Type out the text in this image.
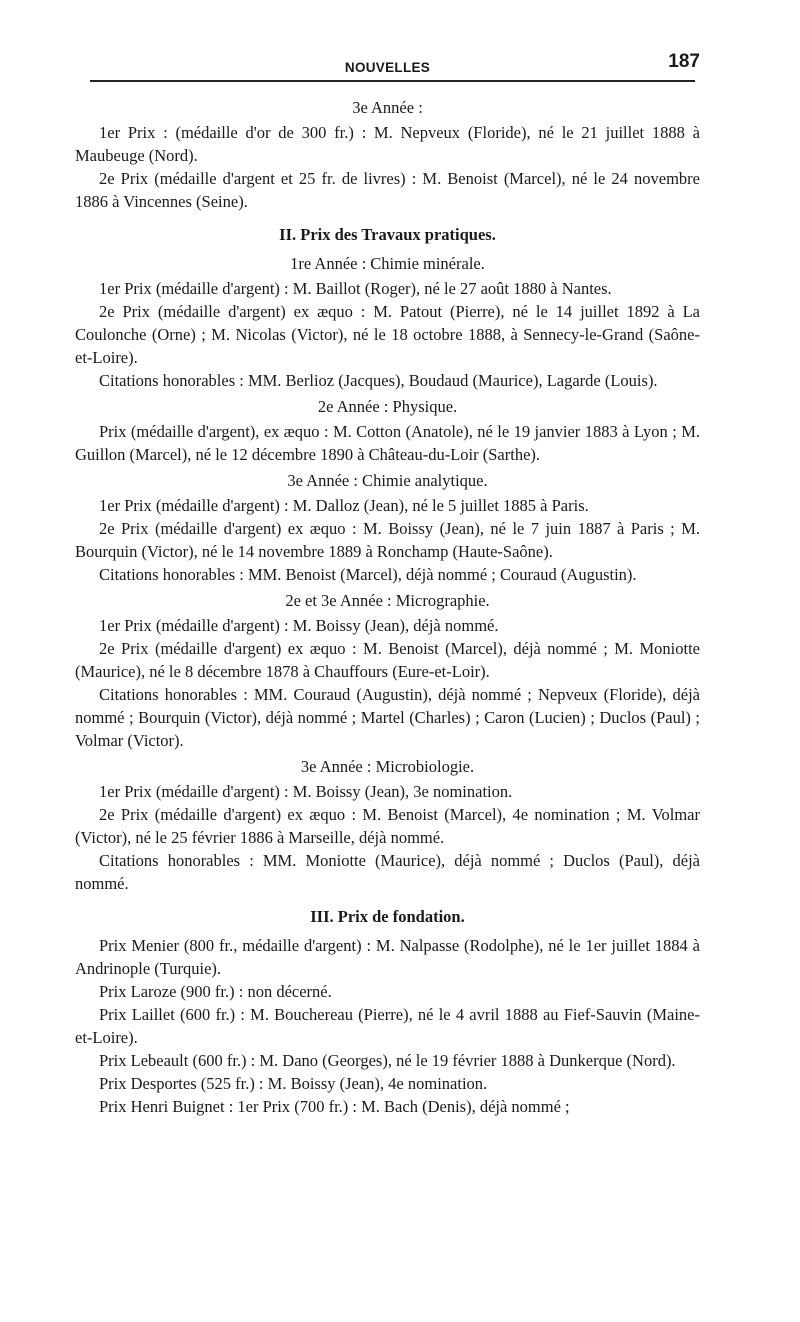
NOUVELLES	187
3e Année :

1er Prix : (médaille d'or de 300 fr.) : M. Nepveux (Floride), né le 21 juillet 1888 à Maubeuge (Nord).

2e Prix (médaille d'argent et 25 fr. de livres) : M. Benoist (Marcel), né le 24 novembre 1886 à Vincennes (Seine).

II. Prix des Travaux pratiques.
1re Année : Chimie minérale.

1er Prix (médaille d'argent) : M. Baillot (Roger), né le 27 août 1880 à Nantes.

2e Prix (médaille d'argent) ex æquo : M. Patout (Pierre), né le 14 juillet 1892 à La Coulonche (Orne) ; M. Nicolas (Victor), né le 18 octobre 1888, à Sennecy-le-Grand (Saône-et-Loire).

Citations honorables : MM. Berlioz (Jacques), Boudaud (Maurice), Lagarde (Louis).

2e Année : Physique.

Prix (médaille d'argent), ex æquo : M. Cotton (Anatole), né le 19 janvier 1883 à Lyon ; M. Guillon (Marcel), né le 12 décembre 1890 à Château-du-Loir (Sarthe).

3e Année : Chimie analytique.

1er Prix (médaille d'argent) : M. Dalloz (Jean), né le 5 juillet 1885 à Paris.

2e Prix (médaille d'argent) ex æquo : M. Boissy (Jean), né le 7 juin 1887 à Paris ; M. Bourquin (Victor), né le 14 novembre 1889 à Ronchamp (Haute-Saône).

Citations honorables : MM. Benoist (Marcel), déjà nommé ; Couraud (Augustin).

2e et 3e Année : Micrographie.

1er Prix (médaille d'argent) : M. Boissy (Jean), déjà nommé.

2e Prix (médaille d'argent) ex æquo : M. Benoist (Marcel), déjà nommé ; M. Moniotte (Maurice), né le 8 décembre 1878 à Chauffours (Eure-et-Loir).

Citations honorables : MM. Couraud (Augustin), déjà nommé ; Nepveux (Floride), déjà nommé ; Bourquin (Victor), déjà nommé ; Martel (Charles) ; Caron (Lucien) ; Duclos (Paul) ; Volmar (Victor).

3e Année : Microbiologie.

1er Prix (médaille d'argent) : M. Boissy (Jean), 3e nomination.

2e Prix (médaille d'argent) ex æquo : M. Benoist (Marcel), 4e nomination ; M. Volmar (Victor), né le 25 février 1886 à Marseille, déjà nommé.

Citations honorables : MM. Moniotte (Maurice), déjà nommé ; Duclos (Paul), déjà nommé.

III. Prix de fondation.

Prix Menier (800 fr., médaille d'argent) : M. Nalpasse (Rodolphe), né le 1er juillet 1884 à Andrinople (Turquie).

Prix Laroze (900 fr.) : non décerné.

Prix Laillet (600 fr.) : M. Bouchereau (Pierre), né le 4 avril 1888 au Fief-Sauvin (Maine-et-Loire).

Prix Lebeault (600 fr.) : M. Dano (Georges), né le 19 février 1888 à Dunkerque (Nord).

Prix Desportes (525 fr.) : M. Boissy (Jean), 4e nomination.

Prix Henri Buignet : 1er Prix (700 fr.) : M. Bach (Denis), déjà nommé ;
